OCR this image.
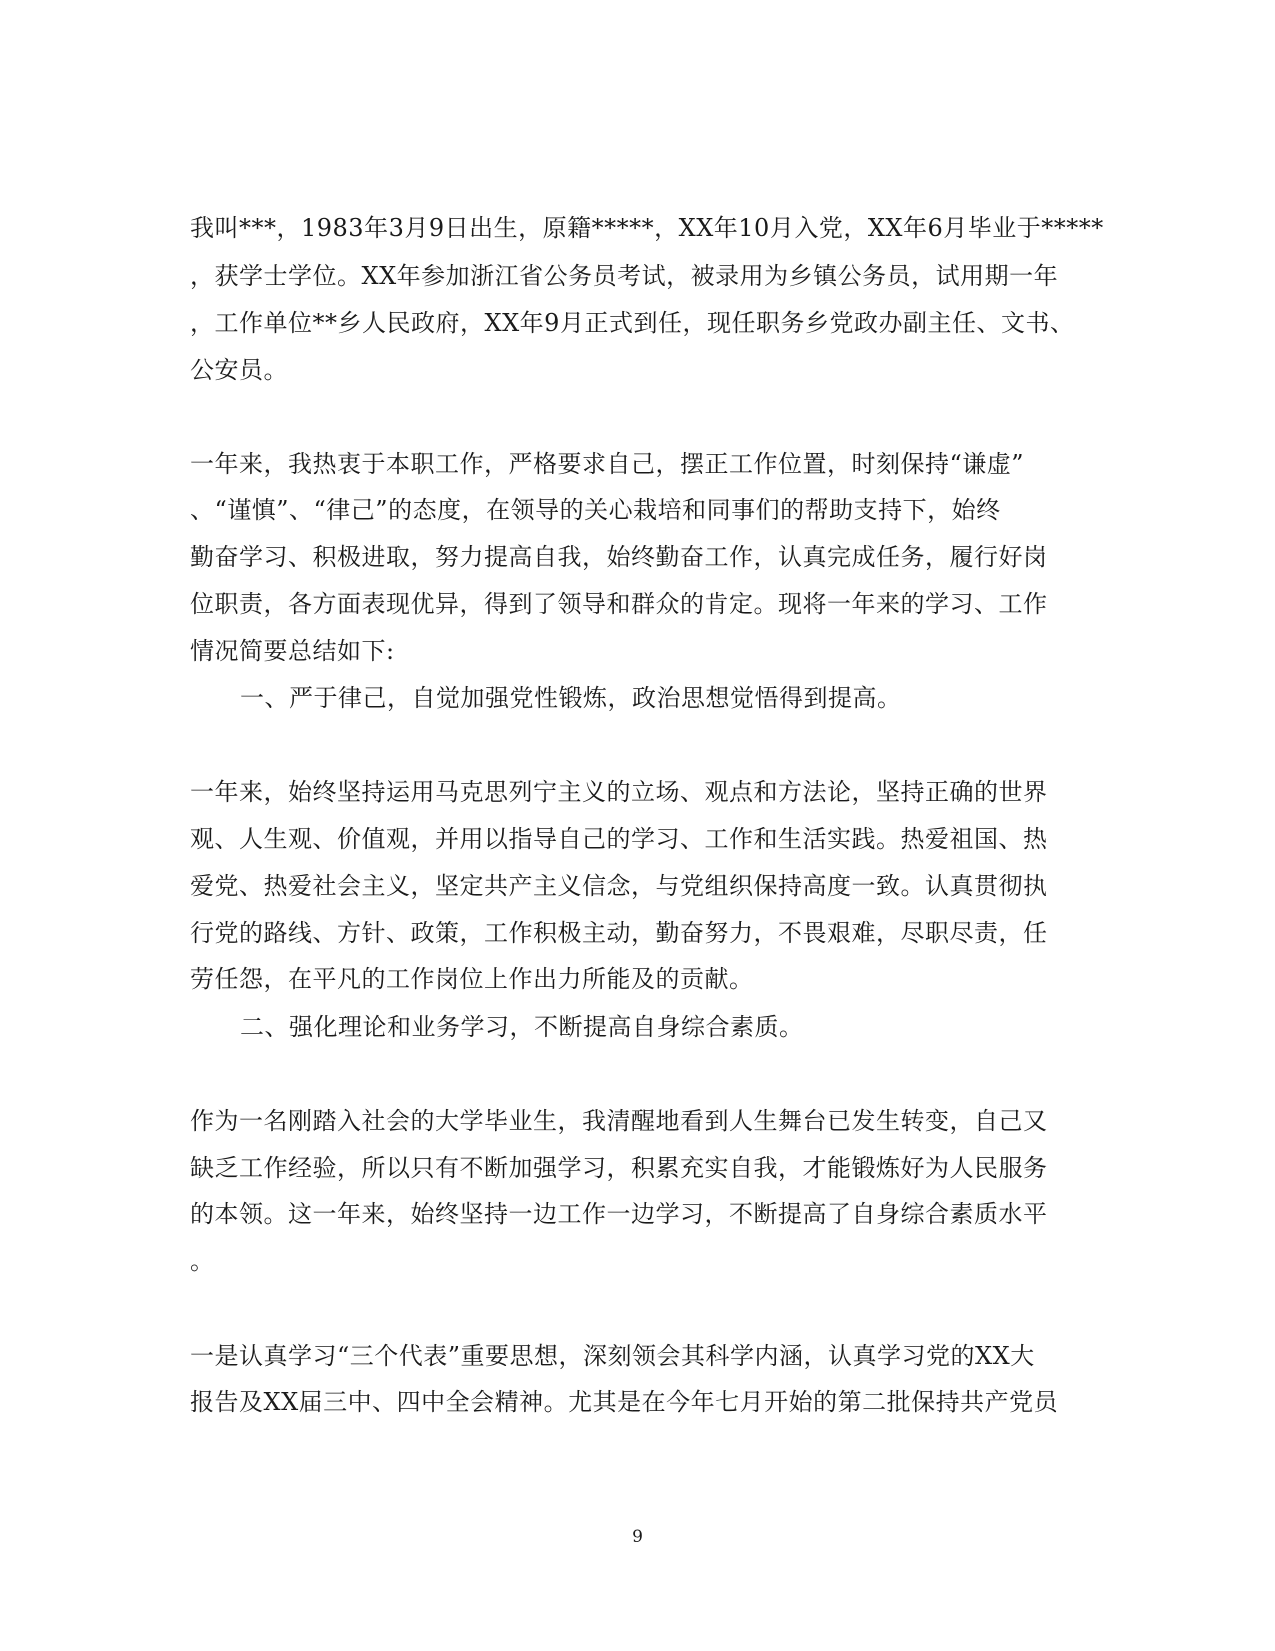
我叫***，1983年3月9日出生，原籍*****，XX年10月入党，XX年6月毕业于*****
，获学士学位。XX年参加浙江省公务员考试，被录用为乡镇公务员，试用期一年
，工作单位**乡人民政府，XX年9月正式到任，现任职务乡党政办副主任、文书、
公安员。
一年来，我热衷于本职工作，严格要求自己，摆正工作位置，时刻保持“谦虚”
、“谨慎”、“律己”的态度，在领导的关心栽培和同事们的帮助支持下，始终
勤奋学习、积极进取，努力提高自我，始终勤奋工作，认真完成任务，履行好岗
位职责，各方面表现优异，得到了领导和群众的肯定。现将一年来的学习、工作
情况简要总结如下:
一、严于律己，自觉加强党性锻炼，政治思想觉悟得到提高。
一年来，始终坚持运用马克思列宁主义的立场、观点和方法论，坚持正确的世界
观、人生观、价值观，并用以指导自己的学习、工作和生活实践。热爱祖国、热
爱党、热爱社会主义，坚定共产主义信念，与党组织保持高度一致。认真贯彻执
行党的路线、方针、政策，工作积极主动，勤奋努力，不畏艰难，尽职尽责，任
劳任怨，在平凡的工作岗位上作出力所能及的贡献。
二、强化理论和业务学习，不断提高自身综合素质。
作为一名刚踏入社会的大学毕业生，我清醒地看到人生舞台已发生转变，自己又
缺乏工作经验，所以只有不断加强学习，积累充实自我，才能锻炼好为人民服务
的本领。这一年来，始终坚持一边工作一边学习，不断提高了自身综合素质水平
。
一是认真学习“三个代表”重要思想，深刻领会其科学内涵，认真学习党的XX大
报告及XX届三中、四中全会精神。尤其是在今年七月开始的第二批保持共产党员
9
